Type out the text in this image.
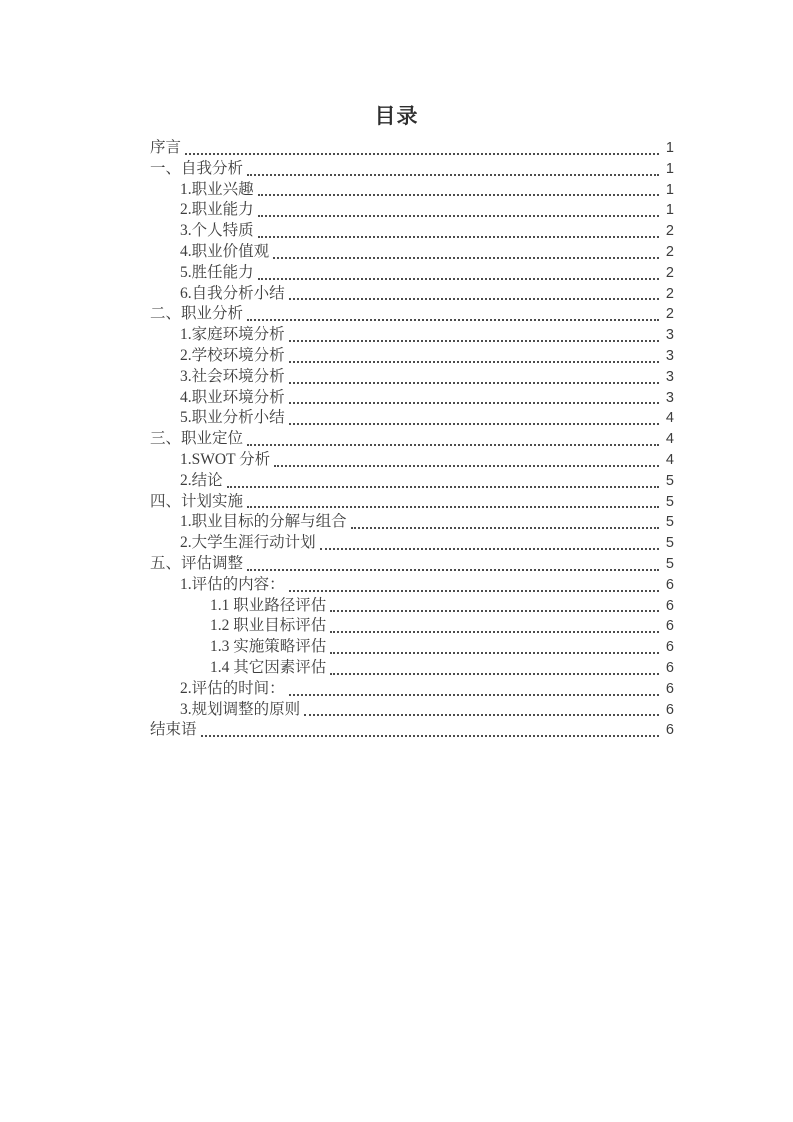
目录
序言	1
一、自我分析	1
1.职业兴趣	1
2.职业能力	1
3.个人特质	2
4.职业价值观	2
5.胜任能力	2
6.自我分析小结	2
二、职业分析	2
1.家庭环境分析	3
2.学校环境分析	3
3.社会环境分析	3
4.职业环境分析	3
5.职业分析小结	4
三、职业定位	4
1.SWOT 分析	4
2.结论	5
四、计划实施	5
1.职业目标的分解与组合	5
2.大学生涯行动计划	5
五、评估调整	5
1.评估的内容：	6
1.1 职业路径评估	6
1.2 职业目标评估	6
1.3 实施策略评估	6
1.4 其它因素评估	6
2.评估的时间：	6
3.规划调整的原则	6
结束语	6
